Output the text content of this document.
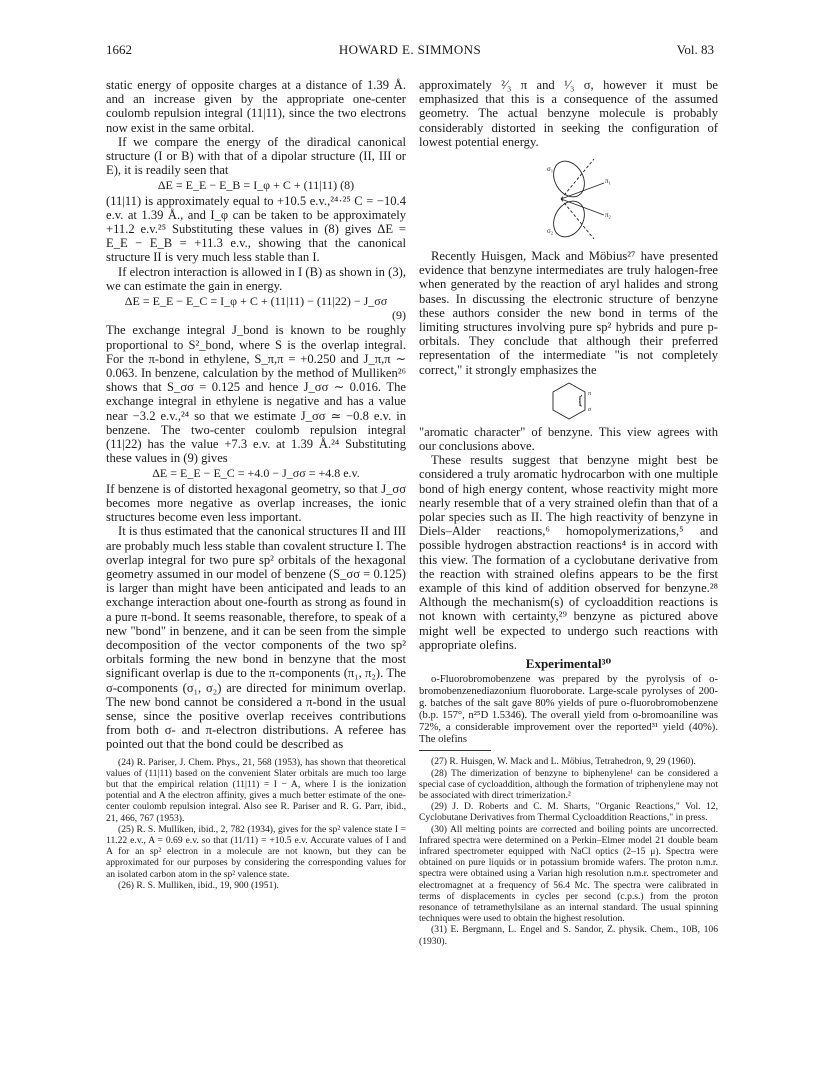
1662	HOWARD E. SIMMONS	Vol. 83

static energy of opposite charges at a distance of 1.39 Å. and an increase given by the appropriate one-center coulomb repulsion integral (11|11), since the two electrons now exist in the same orbital.

If we compare the energy of the diradical canonical structure (I or B) with that of a dipolar structure (II, III or E), it is readily seen that

ΔE = E_E − E_B = I_φ + C + (11|11) (8)

(11|11) is approximately equal to +10.5 e.v.,²⁴·²⁵ C = −10.4 e.v. at 1.39 Å., and I_φ can be taken to be approximately +11.2 e.v.²⁵ Substituting these values in (8) gives ΔE = E_E − E_B = +11.3 e.v., showing that the canonical structure II is very much less stable than I.

If electron interaction is allowed in I (B) as shown in (3), we can estimate the gain in energy.

ΔE = E_E − E_C = I_φ + C + (11|11) − (11|22) − J_σσ
(9)

The exchange integral J_bond is known to be roughly proportional to S²_bond, where S is the overlap integral. For the π-bond in ethylene, S_π,π = +0.250 and J_π,π ∼ 0.063. In benzene, calculation by the method of Mulliken²⁶ shows that S_σσ = 0.125 and hence J_σσ ∼ 0.016. The exchange integral in ethylene is negative and has a value near −3.2 e.v.,²⁴ so that we estimate J_σσ ≃ −0.8 e.v. in benzene. The two-center coulomb repulsion integral (11|22) has the value +7.3 e.v. at 1.39 Å.²⁴ Substituting these values in (9) gives

ΔE = E_E − E_C = +4.0 − J_σσ = +4.8 e.v.

If benzene is of distorted hexagonal geometry, so that J_σσ becomes more negative as overlap increases, the ionic structures become even less important.

It is thus estimated that the canonical structures II and III are probably much less stable than covalent structure I. The overlap integral for two pure sp² orbitals of the hexagonal geometry assumed in our model of benzene (S_σσ = 0.125) is larger than might have been anticipated and leads to an exchange interaction about one-fourth as strong as found in a pure π-bond. It seems reasonable, therefore, to speak of a new "bond" in benzene, and it can be seen from the simple decomposition of the vector components of the two sp² orbitals forming the new bond in benzyne that the most significant overlap is due to the π-components (π₁, π₂). The σ-components (σ₁, σ₂) are directed for minimum overlap. The new bond cannot be considered a π-bond in the usual sense, since the positive overlap receives contributions from both σ- and π-electron distributions. A referee has pointed out that the bond could be described as

(24) R. Pariser, J. Chem. Phys., 21, 568 (1953), has shown that theoretical values of (11|11) based on the convenient Slater orbitals are much too large but that the empirical relation (11|11) = I − A, where I is the ionization potential and A the electron affinity, gives a much better estimate of the one-center coulomb repulsion integral. Also see R. Pariser and R. G. Parr, ibid., 21, 466, 767 (1953).

(25) R. S. Mulliken, ibid., 2, 782 (1934), gives for the sp² valence state I = 11.22 e.v., A = 0.69 e.v. so that (11/11) = +10.5 e.v. Accurate values of I and A for an sp² electron in a molecule are not known, but they can be approximated for our purposes by considering the corresponding values for an isolated carbon atom in the sp² valence state.

(26) R. S. Mulliken, ibid., 19, 900 (1951).

approximately ²⁄₃ π and ¹⁄₃ σ, however it must be emphasized that this is a consequence of the assumed geometry. The actual benzyne molecule is probably considerably distorted in seeking the configuration of lowest potential energy.

σ₁
π₁
π₂
σ₂

Recently Huisgen, Mack and Möbius²⁷ have presented evidence that benzyne intermediates are truly halogen-free when generated by the reaction of aryl halides and strong bases. In discussing the electronic structure of benzyne these authors consider the new bond in terms of the limiting structures involving pure sp² hybrids and pure p-orbitals. They conclude that although their preferred representation of the intermediate "is not completely correct," it strongly emphasizes the

π
σ

"aromatic character" of benzyne. This view agrees with our conclusions above.

These results suggest that benzyne might best be considered a truly aromatic hydrocarbon with one multiple bond of high energy content, whose reactivity might more nearly resemble that of a very strained olefin than that of a polar species such as II. The high reactivity of benzyne in Diels–Alder reactions,⁶ homopolymerizations,⁵ and possible hydrogen abstraction reactions⁴ is in accord with this view. The formation of a cyclobutane derivative from the reaction with strained olefins appears to be the first example of this kind of addition observed for benzyne.²⁸ Although the mechanism(s) of cycloaddition reactions is not known with certainty,²⁹ benzyne as pictured above might well be expected to undergo such reactions with appropriate olefins.

Experimental³⁰

o-Fluorobromobenzene was prepared by the pyrolysis of o-bromobenzenediazonium fluoroborate. Large-scale pyrolyses of 200-g. batches of the salt gave 80% yields of pure o-fluorobromobenzene (b.p. 157°, n²⁵D 1.5346). The overall yield from o-bromoaniline was 72%, a considerable improvement over the reported³¹ yield (40%). The olefins

(27) R. Huisgen, W. Mack and L. Möbius, Tetrahedron, 9, 29 (1960).

(28) The dimerization of benzyne to biphenylene¹ can be considered a special case of cycloaddition, although the formation of triphenylene may not be associated with direct trimerization.²

(29) J. D. Roberts and C. M. Sharts, "Organic Reactions," Vol. 12, Cyclobutane Derivatives from Thermal Cycloaddition Reactions," in press.

(30) All melting points are corrected and boiling points are uncorrected. Infrared spectra were determined on a Perkin–Elmer model 21 double beam infrared spectrometer equipped with NaCl optics (2–15 μ). Spectra were obtained on pure liquids or in potassium bromide wafers. The proton n.m.r. spectra were obtained using a Varian high resolution n.m.r. spectrometer and electromagnet at a frequency of 56.4 Mc. The spectra were calibrated in terms of displacements in cycles per second (c.p.s.) from the proton resonance of tetramethylsilane as an internal standard. The usual spinning techniques were used to obtain the highest resolution.

(31) E. Bergmann, L. Engel and S. Sandor, Z. physik. Chem., 10B, 106 (1930).
